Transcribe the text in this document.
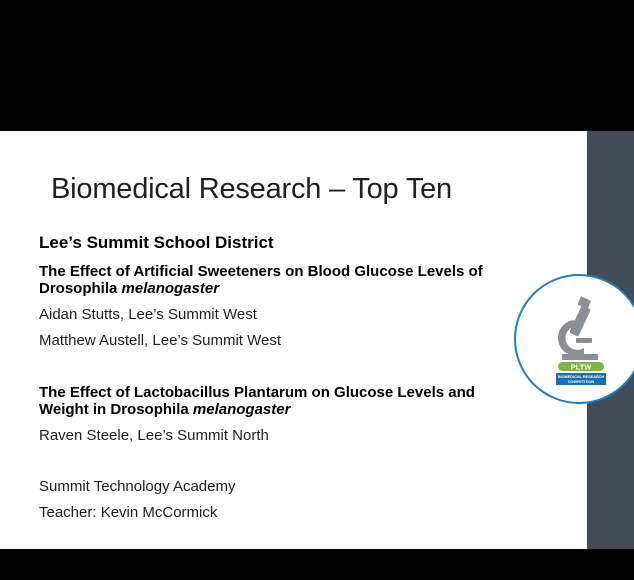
Biomedical Research – Top Ten
Lee’s Summit School District
The Effect of Artificial Sweeteners on Blood Glucose Levels of Drosophila melanogaster
Aidan Stutts, Lee’s Summit West
Matthew Austell, Lee’s Summit West
The Effect of Lactobacillus Plantarum on Glucose Levels and Weight in Drosophila melanogaster
Raven Steele, Lee’s Summit North
Summit Technology Academy
Teacher: Kevin McCormick
PLTW
BIOMEDICAL RESEARCH
COMPETITION
